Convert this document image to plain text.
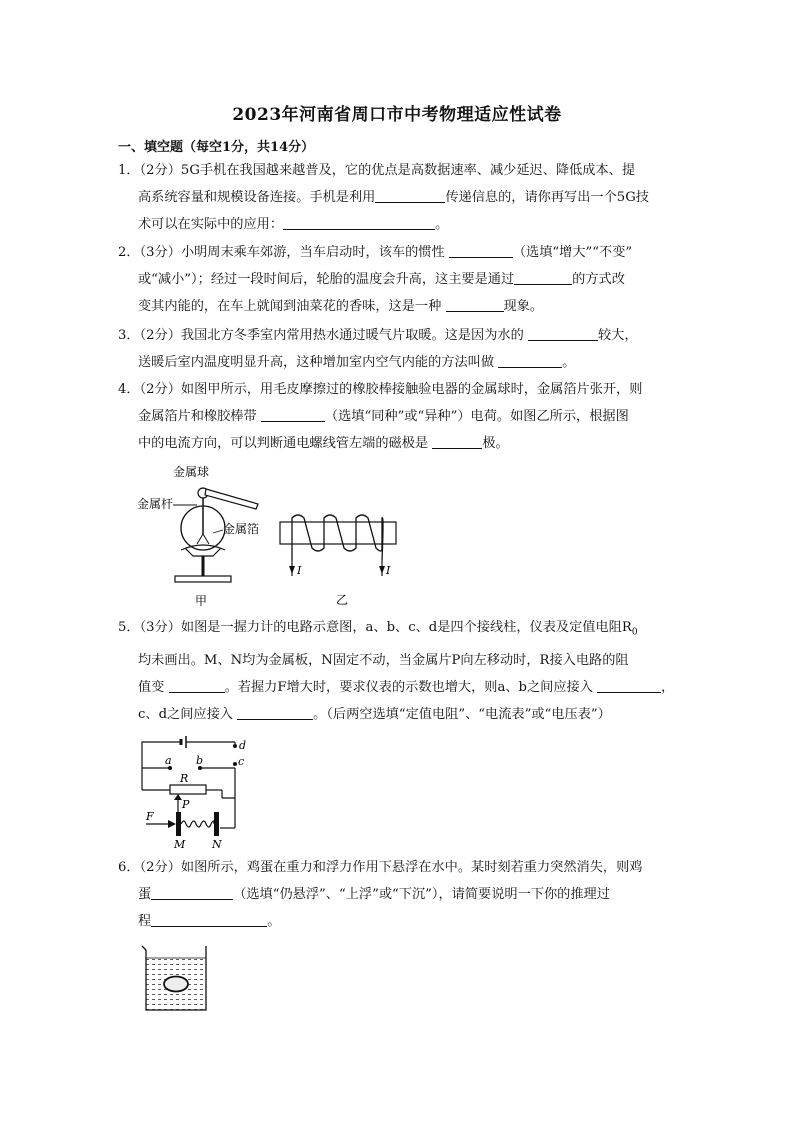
2023年河南省周口市中考物理适应性试卷
一、填空题（每空1分，共14分）
1．（2分）5G手机在我国越来越普及，它的优点是高数据速率、减少延迟、降低成本、提
高系统容量和规模设备连接。手机是利用	传递信息的，请你再写出一个5G技
术可以在实际中的应用：	。
2．（3分）小明周末乘车郊游，当车启动时，该车的惯性	（选填“增大”“不变”
或“减小”）；经过一段时间后，轮胎的温度会升高，这主要是通过	的方式改
变其内能的，在车上就闻到油菜花的香味，这是一种	现象。
3．（2分）我国北方冬季室内常用热水通过暖气片取暖。这是因为水的	较大，
送暖后室内温度明显升高，这种增加室内空气内能的方法叫做	。
4．（2分）如图甲所示，用毛皮摩擦过的橡胶棒接触验电器的金属球时，金属箔片张开，则
金属箔片和橡胶棒带	（选填“同种”或“异种”）电荷。如图乙所示，根据图
中的电流方向，可以判断通电螺线管左端的磁极是	极。
金属球
金属杆
金属箔
甲
I	I
乙
5．（3分）如图是一握力计的电路示意图，a、b、c、d是四个接线柱，仪表及定值电阻$R_0$
均未画出。M、N均为金属板，N固定不动，当金属片P向左移动时，R接入电路的阻
值变	。若握力F增大时，要求仪表的示数也增大，则a、b之间应接入	，
c、d之间应接入	。（后两空选填“定值电阻”、“电流表”或“电压表”）
d
a b	c
R
P
F
M N
6．（2分）如图所示，鸡蛋在重力和浮力作用下悬浮在水中。某时刻若重力突然消失，则鸡
蛋	（选填“仍悬浮”、“上浮”或“下沉”），请简要说明一下你的推理过
程	。
